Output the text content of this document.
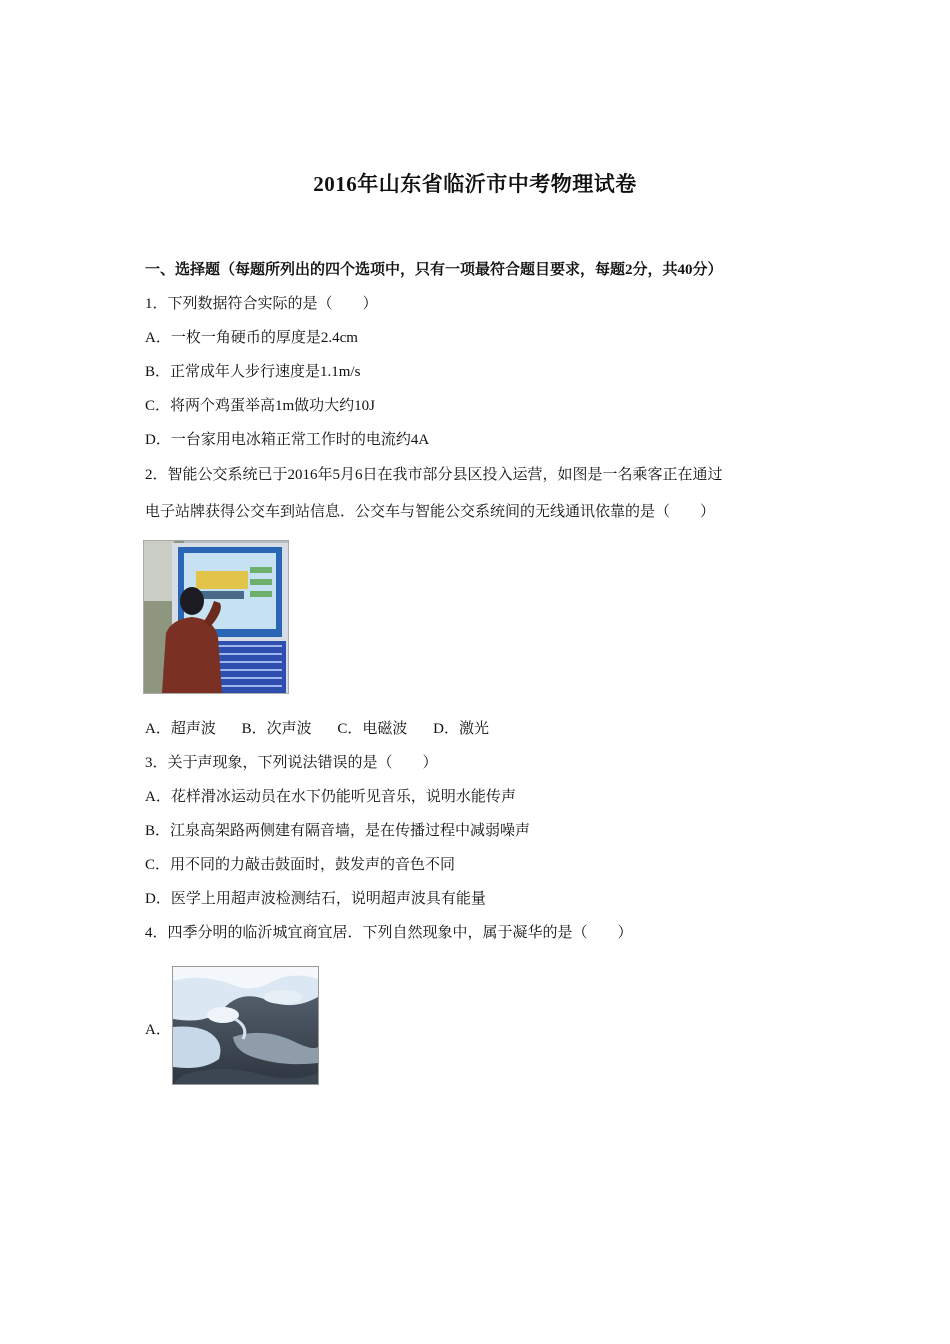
2016年山东省临沂市中考物理试卷
一、选择题（每题所列出的四个选项中，只有一项最符合题目要求，每题2分，共40分）
1．下列数据符合实际的是（　　）
A．一枚一角硬币的厚度是2.4cm
B．正常成年人步行速度是1.1m/s
C．将两个鸡蛋举高1m做功大约10J
D．一台家用电冰箱正常工作时的电流约4A
2．智能公交系统已于2016年5月6日在我市部分县区投入运营，如图是一名乘客正在通过
电子站牌获得公交车到站信息．公交车与智能公交系统间的无线通讯依靠的是（　　）
A．超声波 B．次声波 C．电磁波 D．激光
3．关于声现象，下列说法错误的是（　　）
A．花样滑冰运动员在水下仍能听见音乐，说明水能传声
B．江泉高架路两侧建有隔音墙，是在传播过程中减弱噪声
C．用不同的力敲击鼓面时，鼓发声的音色不同
D．医学上用超声波检测结石，说明超声波具有能量
4．四季分明的临沂城宜商宜居．下列自然现象中，属于凝华的是（　　）
A．
